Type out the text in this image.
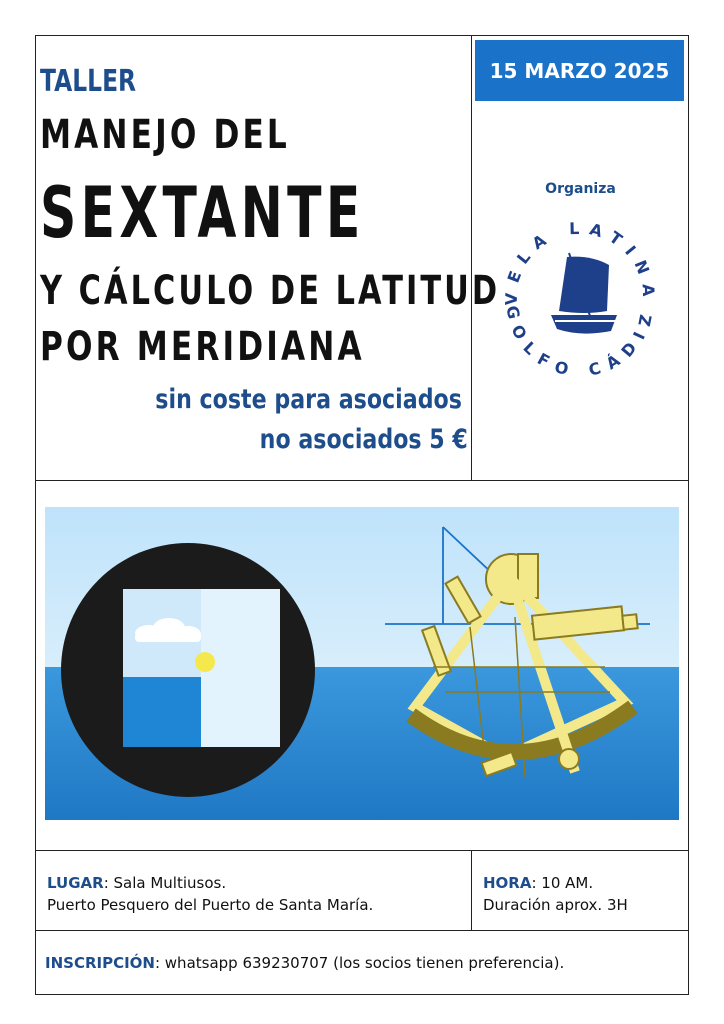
TALLER
MANEJO DEL
SEXTANTE
Y CÁLCULO DE LATITUD
POR MERIDIANA
sin coste para asociados
no asociados 5 €
15 MARZO 2025
Organiza
VELA LATINA
GOLFO CÁDIZ
LUGAR: Sala Multiusos.
Puerto Pesquero del Puerto de Santa María.
HORA: 10 AM.
Duración aprox. 3H
INSCRIPCIÓN: whatsapp 639230707 (los socios tienen preferencia).
